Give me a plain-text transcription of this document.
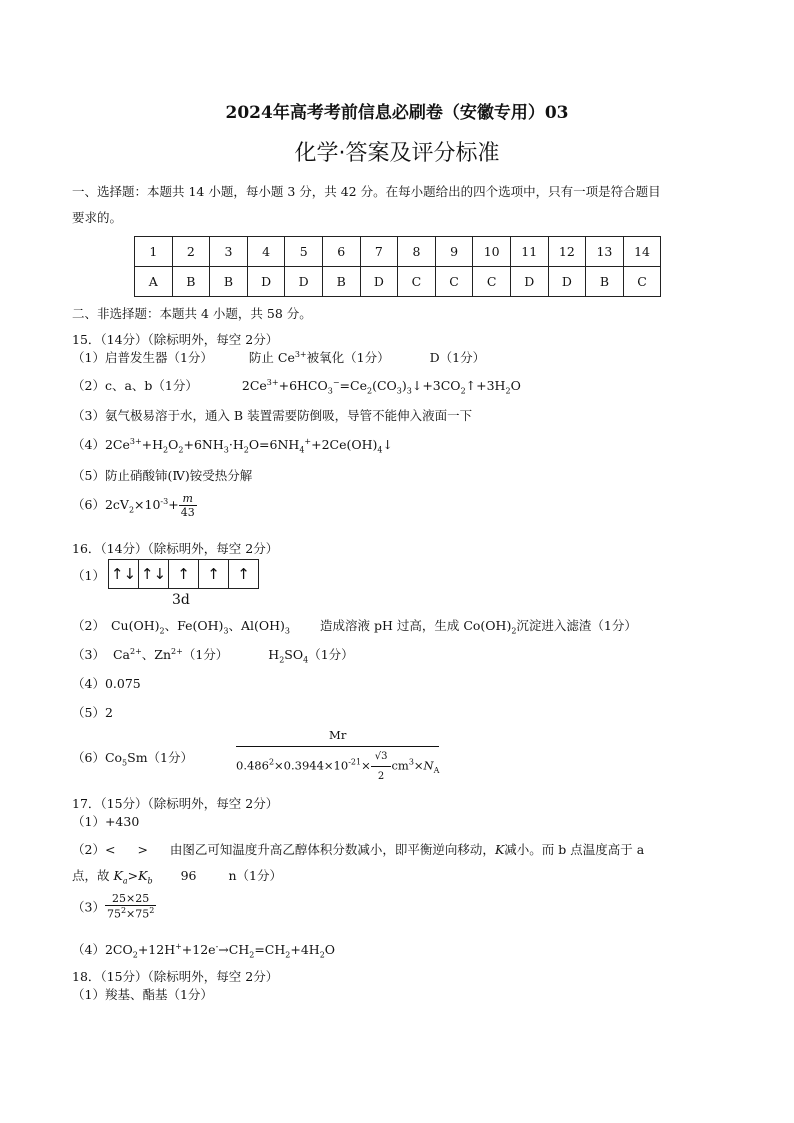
2024年高考考前信息必刷卷（安徽专用）03
化学·答案及评分标准
一、选择题：本题共 14 小题，每小题 3 分，共 42 分。在每小题给出的四个选项中，只有一项是符合题目
要求的。
1	2	3	4	5	6	7	8	9	10	11	12	13	14
A	B	B	D	D	B	D	C	C	C	D	D	B	C
二、非选择题：本题共 4 小题，共 58 分。
15．（14分）（除标明外，每空 2分）
（1）启普发生器（1分）	防止 $Ce^{3+}$被氧化（1分）	D（1分）
（2）c、a、b（1分）	$2Ce^{3+}+6HCO_3^-=Ce_2(CO_3)_3↓+3CO_2↑+3H_2O$
（3）氨气极易溶于水，通入 B 装置需要防倒吸，导管不能伸入液面一下
$(4)2Ce^{3+}+H_2O_2+6NH_3\cdot H_2O=6NH_4^++2Ce(OH)_4↓$
（5）防止硝酸铈(Ⅳ)铵受热分解
$(6)2cV_2\times 10^{-3}+ \frac{m}{43}$
16．（14分）（除标明外，每空 2分）
（1） ↑↓ ↑↓ ↑	↑	↑
3d
（2） $Cu(OH)_2$、$Fe(OH)_3$、$Al(OH)_3$ 造成溶液 pH 过高，生成 $Co(OH)_2$沉淀进入滤渣（1分）
（3） $Ca^{2+}$、$Zn^{2+}(1$分）	$H_2SO_4(1$分）
（4）0.075
（5）2
$(6)Co_5Sm(1$分）	$\frac{Mr}{0.486^2\times 0.3944\times 10^{-21}\times \frac{√3}{2} cm^3\times N_A}$
17．（15分）（除标明外，每空 2分）
（1）+430
（2）< > 由图乙可知温度升高乙醇体积分数减小，即平衡逆向移动，K减小。而 b 点温度高于 a
点，故 $K_a>K_b$ 96	n（1分）
$(3) \frac{25\times 25}{75^2\times 75^2}$
$(4)2CO_2+12H^++12e^-\to CH_2=CH_2+4H_2O$
18．（15分）（除标明外，每空 2分）
（1）羧基、酯基（1分）
